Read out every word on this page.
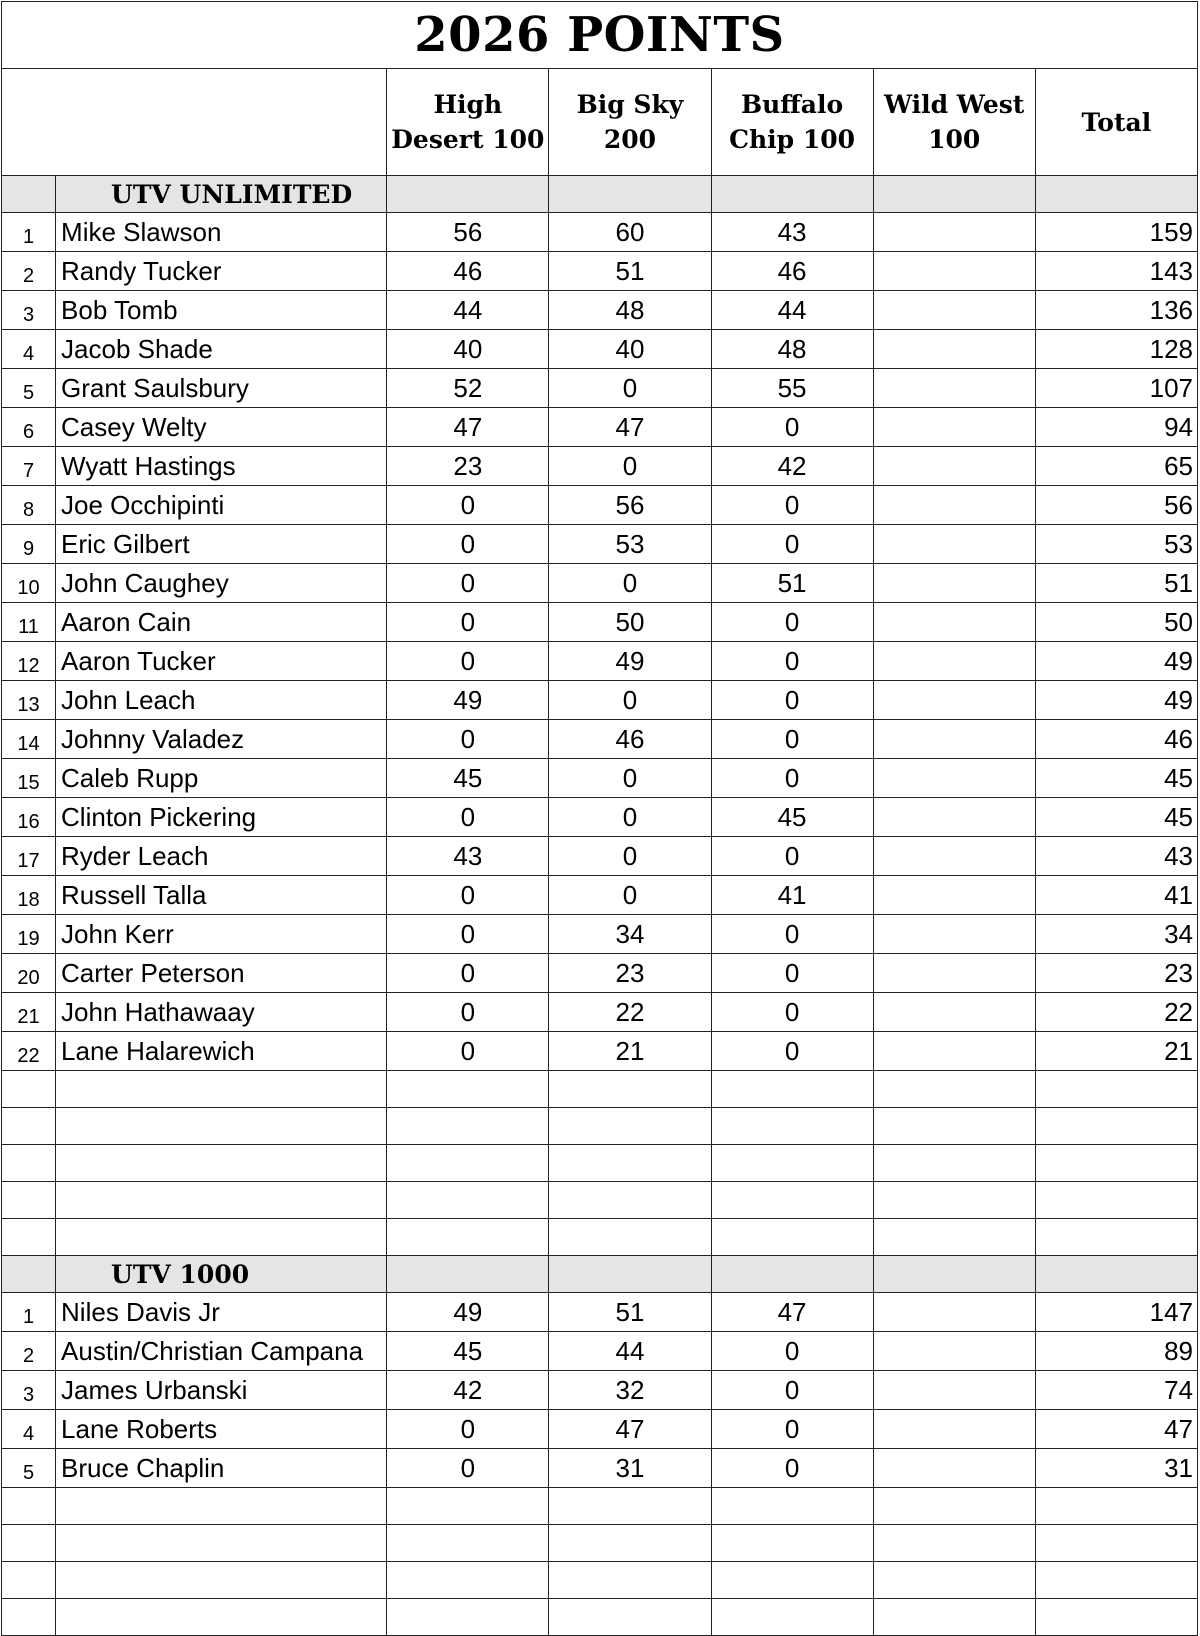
2026 POINTS						
		High Desert 100	Big Sky 200	Buffalo Chip 100	Wild West 100	Total
	UTV UNLIMITED					
1	Mike Slawson	56	60	43		159
2	Randy Tucker	46	51	46		143
3	Bob Tomb	44	48	44		136
4	Jacob Shade	40	40	48		128
5	Grant Saulsbury	52	0	55		107
6	Casey Welty	47	47	0		94
7	Wyatt Hastings	23	0	42		65
8	Joe Occhipinti	0	56	0		56
9	Eric Gilbert	0	53	0		53
10	John Caughey	0	0	51		51
11	Aaron Cain	0	50	0		50
12	Aaron Tucker	0	49	0		49
13	John Leach	49	0	0		49
14	Johnny Valadez	0	46	0		46
15	Caleb Rupp	45	0	0		45
16	Clinton Pickering	0	0	45		45
17	Ryder Leach	43	0	0		43
18	Russell Talla	0	0	41		41
19	John Kerr	0	34	0		34
20	Carter Peterson	0	23	0		23
21	John Hathawaay	0	22	0		22
22	Lane Halarewich	0	21	0		21

	UTV 1000					
1	Niles Davis Jr	49	51	47		147
2	Austin/Christian Campana	45	44	0		89
3	James Urbanski	42	32	0		74
4	Lane Roberts	0	47	0		47
5	Bruce Chaplin	0	31	0		31
